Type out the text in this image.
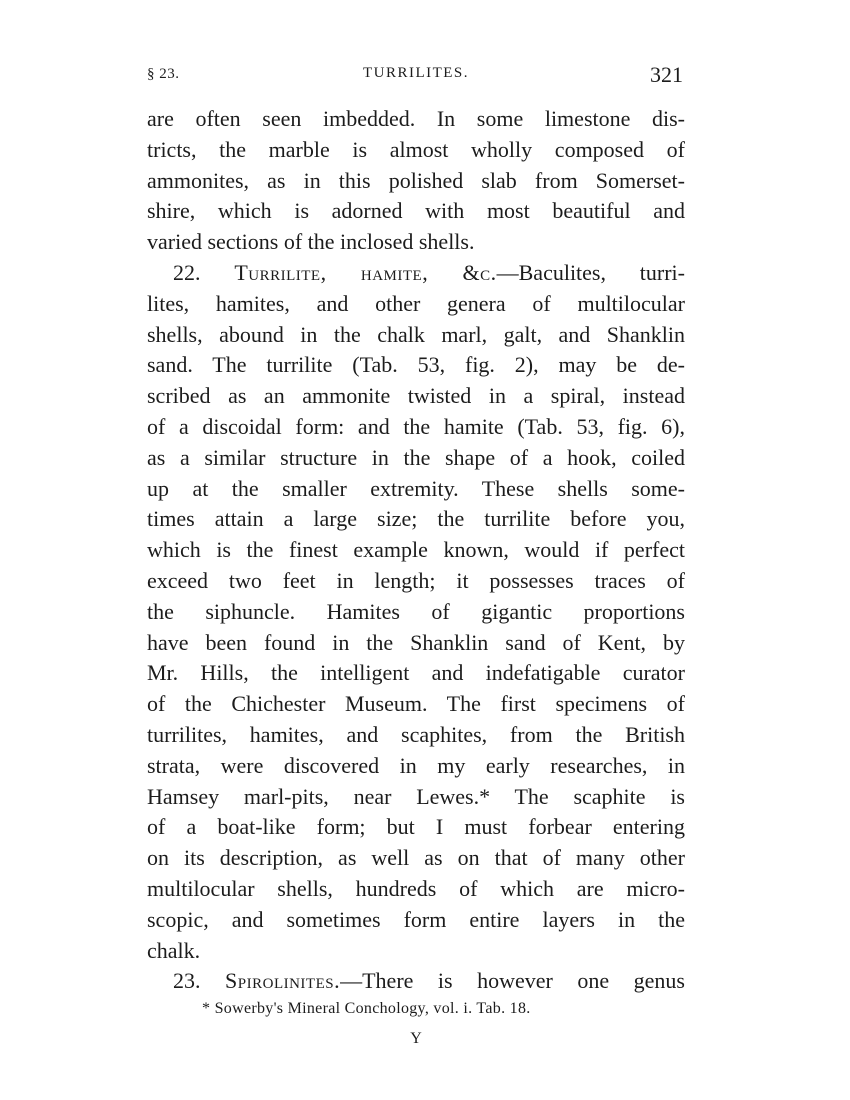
§ 23.	TURRILITES.	321
are often seen imbedded. In some limestone dis-
tricts, the marble is almost wholly composed of
ammonites, as in this polished slab from Somerset-
shire, which is adorned with most beautiful and
varied sections of the inclosed shells.
22. Turrilite, hamite, &c.—Baculites, turri-
lites, hamites, and other genera of multilocular
shells, abound in the chalk marl, galt, and Shanklin
sand. The turrilite (Tab. 53, fig. 2), may be de-
scribed as an ammonite twisted in a spiral, instead
of a discoidal form: and the hamite (Tab. 53, fig. 6),
as a similar structure in the shape of a hook, coiled
up at the smaller extremity. These shells some-
times attain a large size; the turrilite before you,
which is the finest example known, would if perfect
exceed two feet in length; it possesses traces of
the siphuncle. Hamites of gigantic proportions
have been found in the Shanklin sand of Kent, by
Mr. Hills, the intelligent and indefatigable curator
of the Chichester Museum. The first specimens of
turrilites, hamites, and scaphites, from the British
strata, were discovered in my early researches, in
Hamsey marl-pits, near Lewes.* The scaphite is
of a boat-like form; but I must forbear entering
on its description, as well as on that of many other
multilocular shells, hundreds of which are micro-
scopic, and sometimes form entire layers in the
chalk.
23. Spirolinites.—There is however one genus
* Sowerby's Mineral Conchology, vol. i. Tab. 18.
Y
